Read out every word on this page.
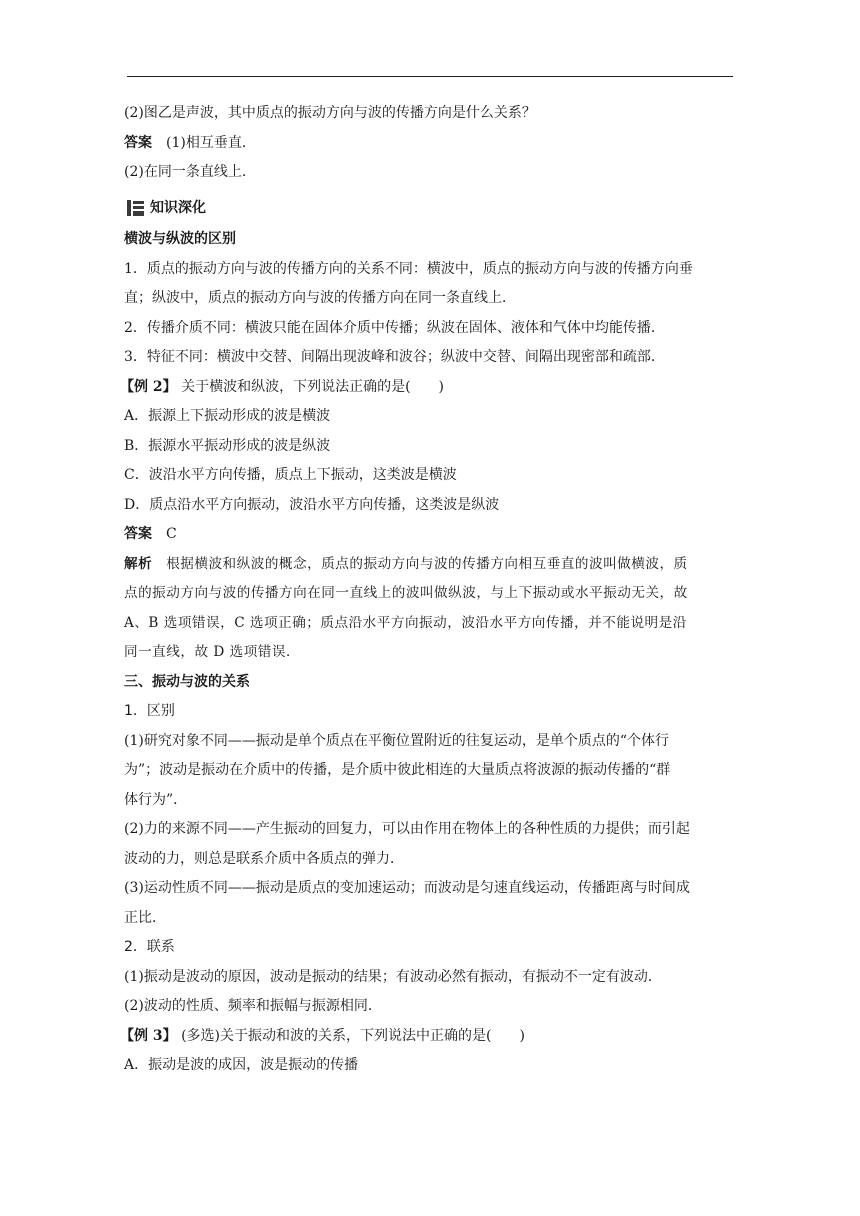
(2)图乙是声波，其中质点的振动方向与波的传播方向是什么关系？

答案 (1)相互垂直．

(2)在同一条直线上．

知识深化

横波与纵波的区别

1．质点的振动方向与波的传播方向的关系不同：横波中，质点的振动方向与波的传播方向垂

直；纵波中，质点的振动方向与波的传播方向在同一条直线上．

2．传播介质不同：横波只能在固体介质中传播；纵波在固体、液体和气体中均能传播．

3．特征不同：横波中交替、间隔出现波峰和波谷；纵波中交替、间隔出现密部和疏部．

【例 2】 关于横波和纵波，下列说法正确的是(　　)

A．振源上下振动形成的波是横波

B．振源水平振动形成的波是纵波

C．波沿水平方向传播，质点上下振动，这类波是横波

D．质点沿水平方向振动，波沿水平方向传播，这类波是纵波

答案 C

解析 根据横波和纵波的概念，质点的振动方向与波的传播方向相互垂直的波叫做横波，质

点的振动方向与波的传播方向在同一直线上的波叫做纵波，与上下振动或水平振动无关，故

A、B 选项错误，C 选项正确；质点沿水平方向振动，波沿水平方向传播，并不能说明是沿

同一直线，故 D 选项错误．

三、振动与波的关系

1．区别

(1)研究对象不同——振动是单个质点在平衡位置附近的往复运动，是单个质点的“个体行

为”；波动是振动在介质中的传播，是介质中彼此相连的大量质点将波源的振动传播的“群

体行为”．

(2)力的来源不同——产生振动的回复力，可以由作用在物体上的各种性质的力提供；而引起

波动的力，则总是联系介质中各质点的弹力．

(3)运动性质不同——振动是质点的变加速运动；而波动是匀速直线运动，传播距离与时间成

正比．

2．联系

(1)振动是波动的原因，波动是振动的结果；有波动必然有振动，有振动不一定有波动．

(2)波动的性质、频率和振幅与振源相同．

【例 3】 (多选)关于振动和波的关系，下列说法中正确的是(　　)

A．振动是波的成因，波是振动的传播
